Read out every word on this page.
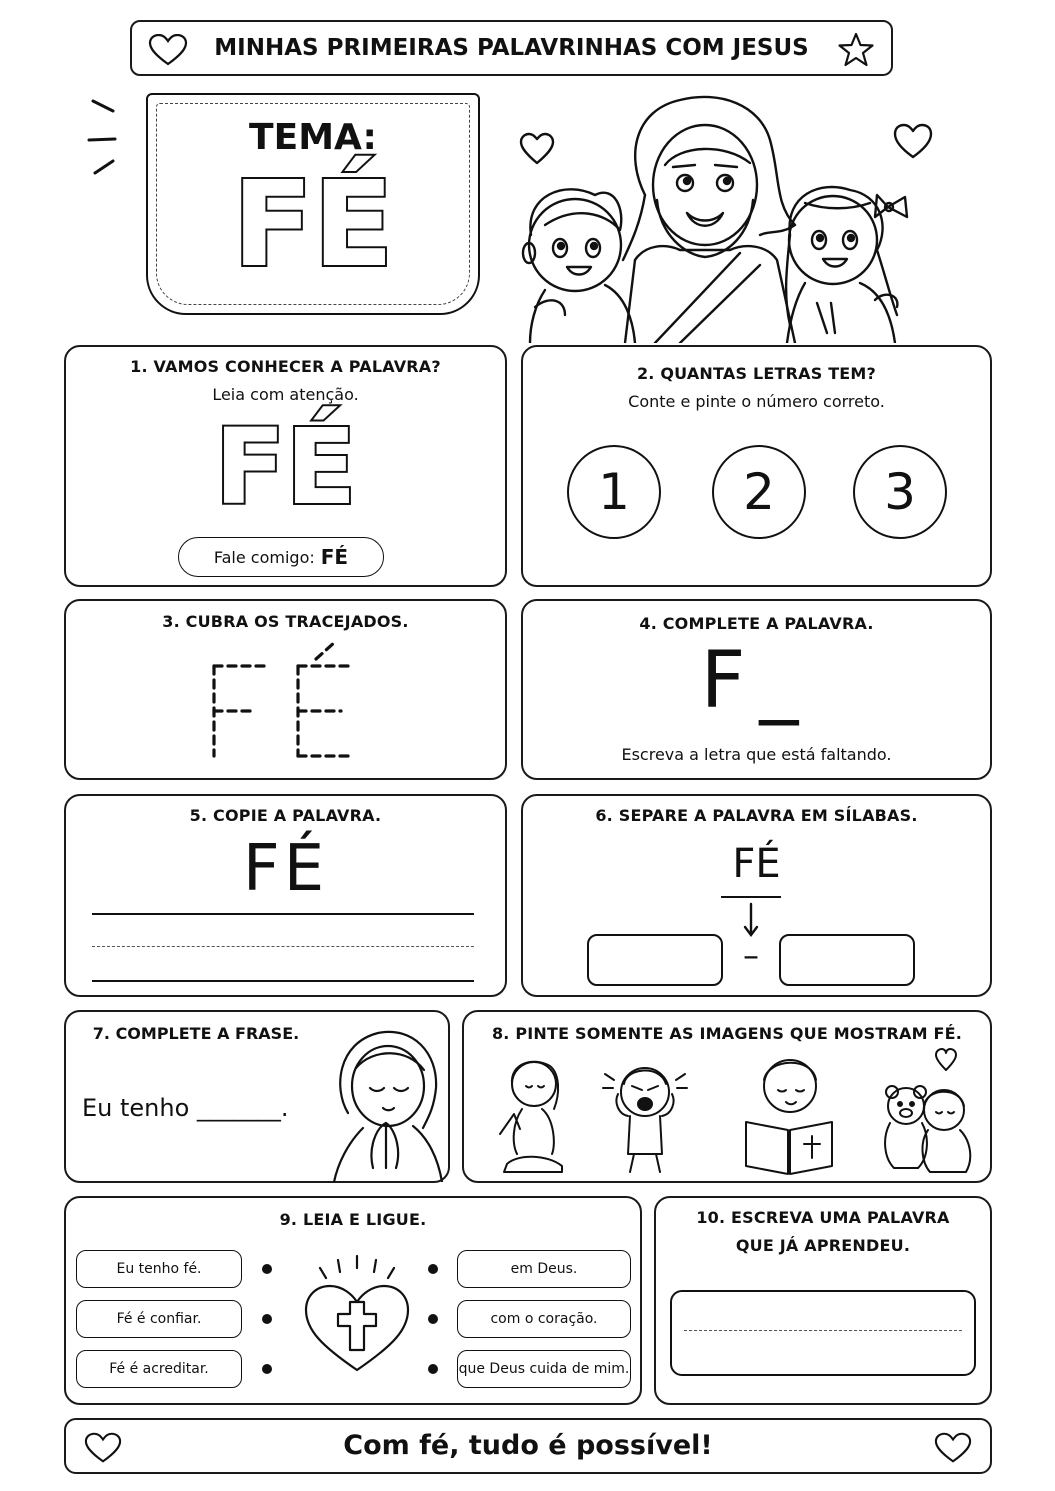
MINHAS PRIMEIRAS PALAVRINHAS COM JESUS
TEMA:
FÉ
1. VAMOS CONHECER A PALAVRA?
Leia com atenção.
FÉ
Fale comigo: FÉ
2. QUANTAS LETRAS TEM?
Conte e pinte o número correto.
1	2	3
3. CUBRA OS TRACEJADOS.	4. COMPLETE A PALAVRA.
F_
Escreva a letra que está faltando.
5. COPIE A PALAVRA.
FÉ
6. SEPARE A PALAVRA EM SÍLABAS.
FÉ
–
7. COMPLETE A FRASE.
Eu tenho _______.
8. PINTE SOMENTE AS IMAGENS QUE MOSTRAM FÉ.
9. LEIA E LIGUE.
Eu tenho fé.
Fé é confiar.
Fé é acreditar.
em Deus.
com o coração.
que Deus cuida de mim.
10. ESCREVA UMA PALAVRA
QUE JÁ APRENDEU.
Com fé, tudo é possível!
